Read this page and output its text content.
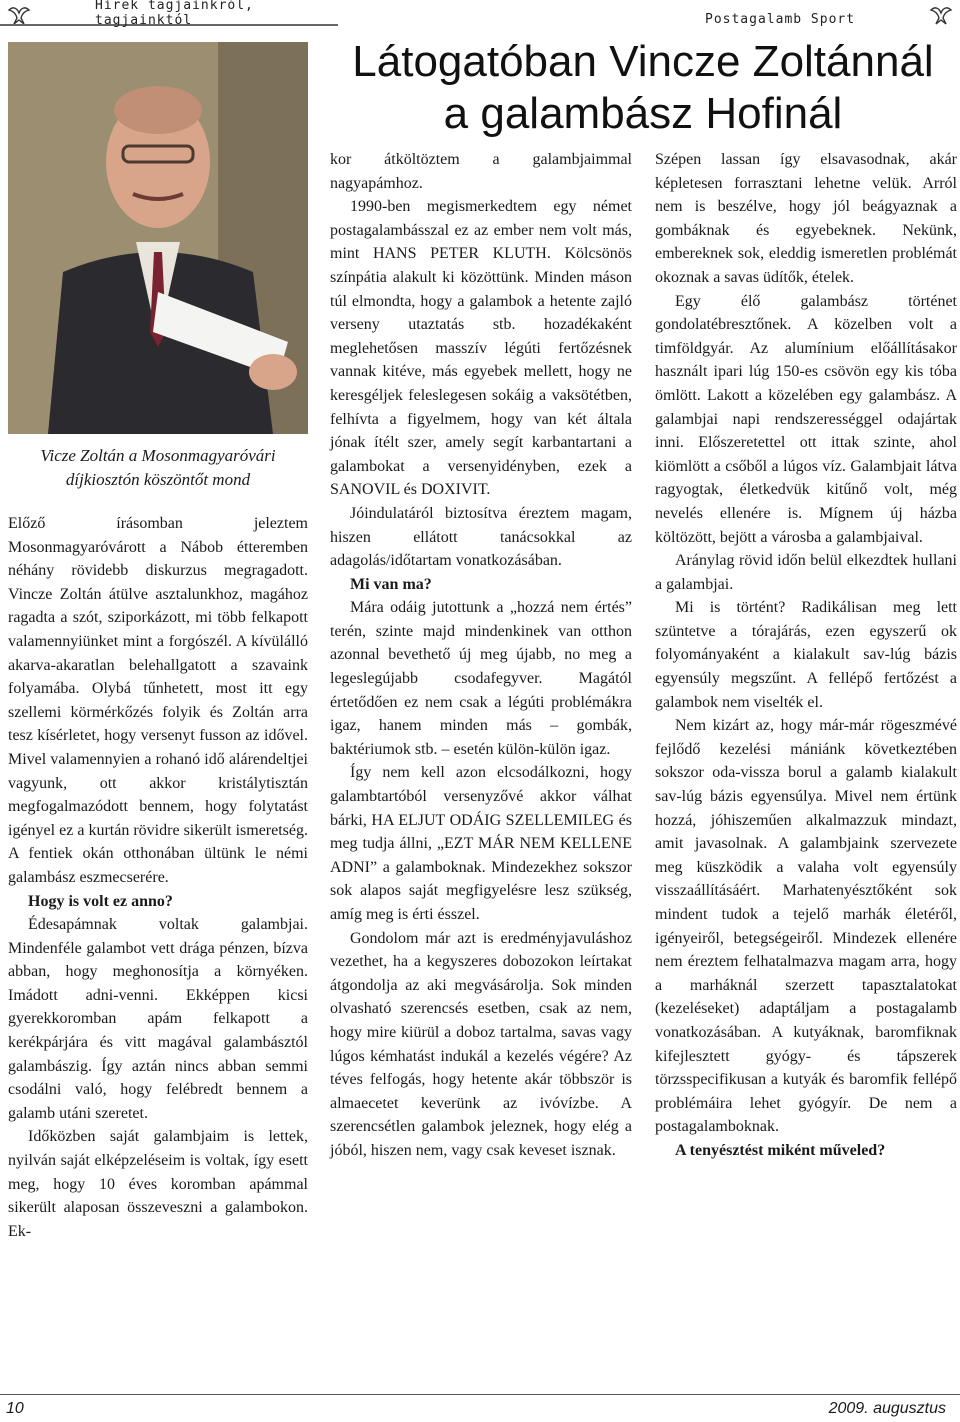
Hírek tagjainkról, tagjainktól	Postagalamb Sport
Látogatóban Vincze Zoltánnál
a galambász Hofinál
Vicze Zoltán a Mosonmagyaróvári díjkiosztón köszöntőt mond

Előző írásomban jeleztem Mosonmagyaróvárott a Nábob étteremben néhány rövidebb diskurzus megragadott. Vincze Zoltán átülve asztalunkhoz, magához ragadta a szót, sziporkázott, mi több felkapott valamennyiünket mint a forgószél. A kívülálló akarva-akaratlan belehallgatott a szavaink folyamába. Olybá tűnhetett, most itt egy szellemi körmérkőzés folyik és Zoltán arra tesz kísérletet, hogy versenyt fusson az idővel. Mivel valamennyien a rohanó idő alárendeltjei vagyunk, ott akkor kristálytisztán megfogalmazódott bennem, hogy folytatást igényel ez a kurtán rövidre sikerült ismeretség. A fentiek okán otthonában ültünk le némi galambász eszmecserére.

Hogy is volt ez anno?

Édesapámnak voltak galambjai. Mindenféle galambot vett drága pénzen, bízva abban, hogy meghonosítja a környéken. Imádott adni-venni. Ekképpen kicsi gyerekkoromban apám felkapott a kerékpárjára és vitt magával galambásztól galambászig. Így aztán nincs abban semmi csodálni való, hogy felébredt bennem a galamb utáni szeretet.

Időközben saját galambjaim is lettek, nyilván saját elképzeléseim is voltak, így esett meg, hogy 10 éves koromban apámmal sikerült alaposan összeveszni a galambokon. Ek-

kor átköltöztem a galambjaimmal nagyapámhoz.

1990-ben megismerkedtem egy német postagalambásszal ez az ember nem volt más, mint HANS PETER KLUTH. Kölcsönös színpátia alakult ki közöttünk. Minden máson túl elmondta, hogy a galambok a hetente zajló verseny utaztatás stb. hozadékaként meglehetősen masszív légúti fertőzésnek vannak kitéve, más egyebek mellett, hogy ne keresgéljek feleslegesen sokáig a vaksötétben, felhívta a figyelmem, hogy van két általa jónak ítélt szer, amely segít karbantartani a galambokat a versenyidényben, ezek a SANOVIL és DOXIVIT.

Jóindulatáról biztosítva éreztem magam, hiszen ellátott tanácsokkal az adagolás/időtartam vonatkozásában.

Mi van ma?

Mára odáig jutottunk a „hozzá nem értés” terén, szinte majd mindenkinek van otthon azonnal bevethető új meg újabb, no meg a legeslegújabb csodafegyver. Magától értetődően ez nem csak a légúti problémákra igaz, hanem minden más – gombák, baktériumok stb. – esetén külön-külön igaz.

Így nem kell azon elcsodálkozni, hogy galambtartóból versenyzővé akkor válhat bárki, HA ELJUT ODÁIG SZELLEMILEG és meg tudja állni, „EZT MÁR NEM KELLENE ADNI” a galamboknak. Mindezekhez sokszor sok alapos saját megfigyelésre lesz szükség, amíg meg is érti ésszel.

Gondolom már azt is eredményjavuláshoz vezethet, ha a kegyszeres dobozokon leírtakat átgondolja az aki megvásárolja. Sok minden olvasható szerencsés esetben, csak az nem, hogy mire kiürül a doboz tartalma, savas vagy lúgos kémhatást indukál a kezelés végére? Az téves felfogás, hogy hetente akár többször is almaecetet keverünk az ivóvízbe. A szerencsétlen galambok jeleznek, hogy elég a jóból, hiszen nem, vagy csak keveset isznak.

Szépen lassan így elsavasodnak, akár képletesen forrasztani lehetne velük. Arról nem is beszélve, hogy jól beágyaznak a gombáknak és egyebeknek. Nekünk, embereknek sok, eleddig ismeretlen problémát okoznak a savas üdítők, ételek.

Egy élő galambász történet gondolatébresztőnek. A közelben volt a timföldgyár. Az alumínium előállításakor használt ipari lúg 150-es csövön egy kis tóba ömlött. Lakott a közelében egy galambász. A galambjai napi rendszerességgel odajártak inni. Előszeretettel ott ittak szinte, ahol kiömlött a csőből a lúgos víz. Galambjait látva ragyogtak, életkedvük kitűnő volt, még nevelés ellenére is. Mígnem új házba költözött, bejött a városba a galambjaival.

Aránylag rövid időn belül elkezdtek hullani a galambjai.

Mi is történt? Radikálisan meg lett szüntetve a tórajárás, ezen egyszerű ok folyományaként a kialakult sav-lúg bázis egyensúly megszűnt. A fellépő fertőzést a galambok nem viselték el.

Nem kizárt az, hogy már-már rögeszmévé fejlődő kezelési mániánk következtében sokszor oda-vissza borul a galamb kialakult sav-lúg bázis egyensúlya. Mivel nem értünk hozzá, jóhiszeműen alkalmazzuk mindazt, amit javasolnak. A galambjaink szervezete meg küszködik a valaha volt egyensúly visszaállításáért. Marhatenyésztőként sok mindent tudok a tejelő marhák életéről, igényeiről, betegségeiről. Mindezek ellenére nem éreztem felhatalmazva magam arra, hogy a marháknál szerzett tapasztalatokat (kezeléseket) adaptáljam a postagalamb vonatkozásában. A kutyáknak, baromfiknak kifejlesztett gyógy- és tápszerek törzsspecifikusan a kutyák és baromfik fellépő problémáira lehet gyógyír. De nem a postagalamboknak.

A tenyésztést miként műveled?

10	2009. augusztus
